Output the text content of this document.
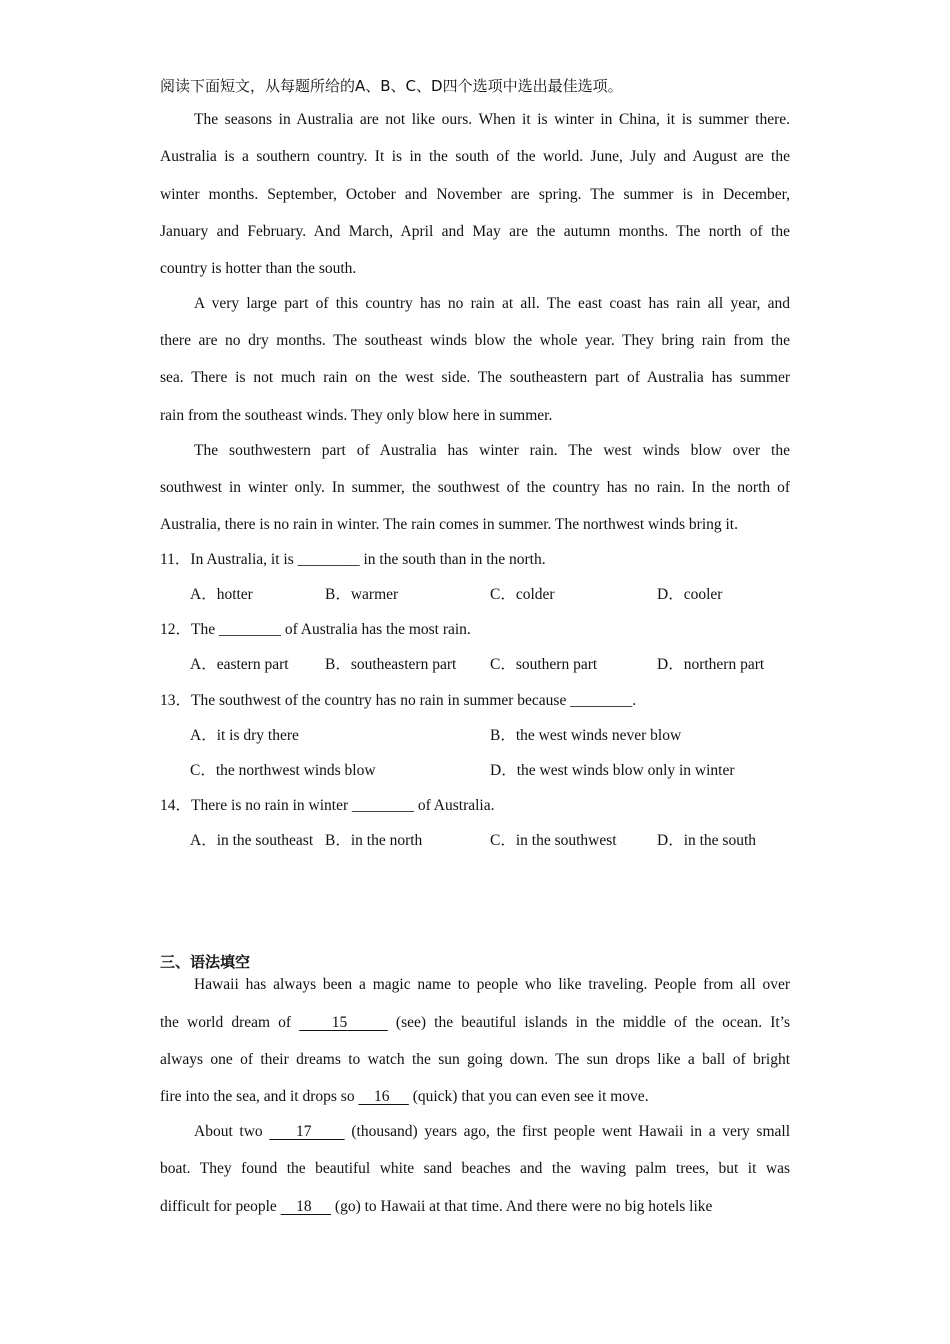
阅读下面短文，从每题所给的A、B、C、D四个选项中选出最佳选项。
The seasons in Australia are not like ours. When it is winter in China, it is summer there.
Australia is a southern country. It is in the south of the world. June, July and August are the
winter months. September, October and November are spring. The summer is in December,
January and February. And March, April and May are the autumn months. The north of the
country is hotter than the south.
A very large part of this country has no rain at all. The east coast has rain all year, and
there are no dry months. The southeast winds blow the whole year. They bring rain from the
sea. There is not much rain on the west side. The southeastern part of Australia has summer
rain from the southeast winds. They only blow here in summer.
The southwestern part of Australia has winter rain. The west winds blow over the
southwest in winter only. In summer, the southwest of the country has no rain. In the north of
Australia, there is no rain in winter. The rain comes in summer. The northwest winds bring it.
11．In Australia, it is ________ in the south than in the north.
A．hotter	B．warmer	C．colder	D．cooler
12．The ________ of Australia has the most rain.
A．eastern part B．southeastern part C．southern part	D．northern part
13．The southwest of the country has no rain in summer because ________.
A．it is dry there	B．the west winds never blow
C．the northwest winds blow	D．the west winds blow only in winter
14．There is no rain in winter ________ of Australia.
A．in the southeast B．in the north	C．in the southwest	D．in the south
三、语法填空
Hawaii has always been a magic name to people who like traveling. People from all over
the world dream of	15	(see) the beautiful islands in the middle of the ocean. It’s
always one of their dreams to watch the sun going down. The sun drops like a ball of bright
fire into the sea, and it drops so 16 (quick) that you can even see it move.
About two 17	(thousand) years ago, the first people went Hawaii in a very small
boat. They found the beautiful white sand beaches and the waving palm trees, but it was
difficult for people 18 (go) to Hawaii at that time. And there were no big hotels like
